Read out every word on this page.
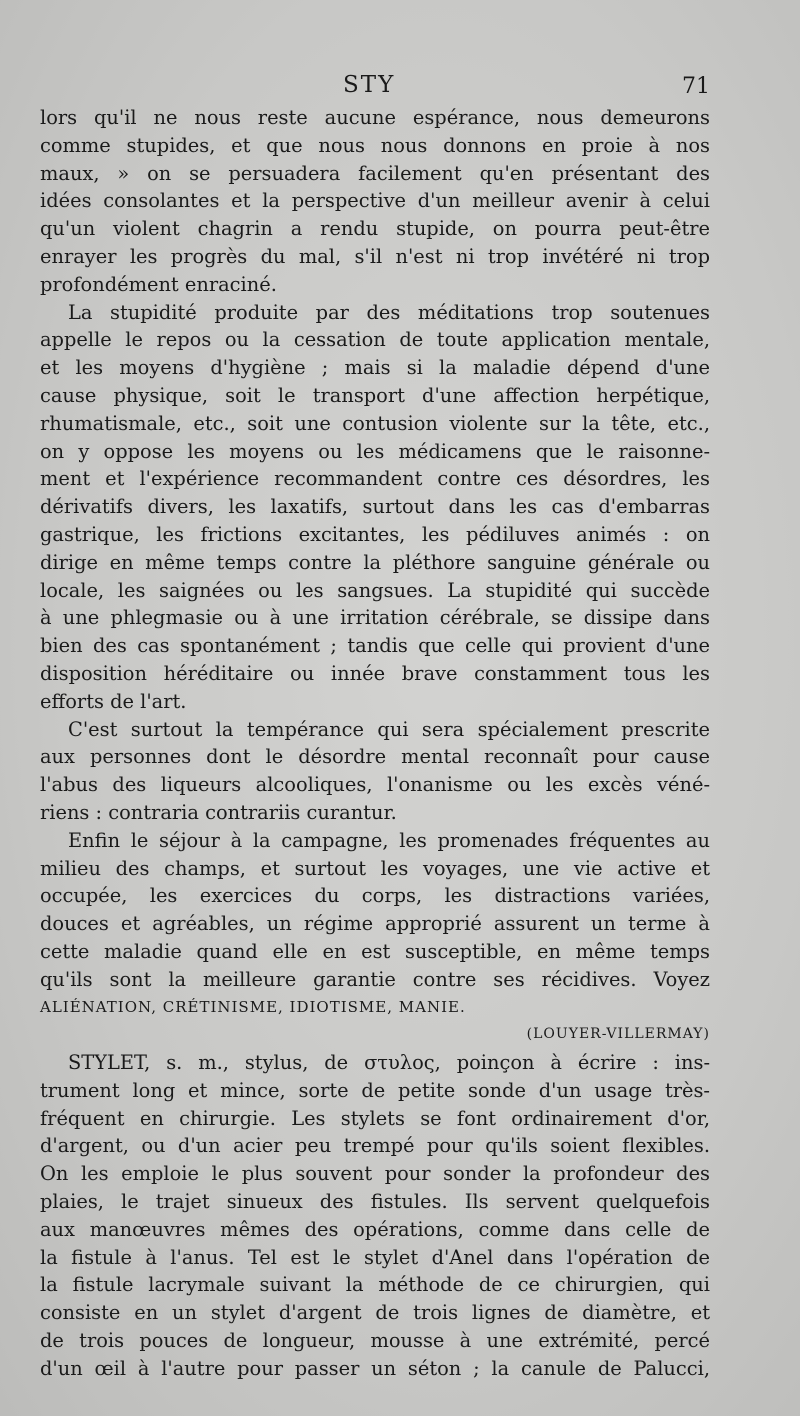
STY	71
lors qu'il ne nous reste aucune espérance, nous demeurons
comme stupides, et que nous nous donnons en proie à nos
maux, » on se persuadera facilement qu'en présentant des
idées consolantes et la perspective d'un meilleur avenir à celui
qu'un violent chagrin a rendu stupide, on pourra peut-être
enrayer les progrès du mal, s'il n'est ni trop invétéré ni trop
profondément enraciné.
La stupidité produite par des méditations trop soutenues
appelle le repos ou la cessation de toute application mentale,
et les moyens d'hygiène ; mais si la maladie dépend d'une
cause physique, soit le transport d'une affection herpétique,
rhumatismale, etc., soit une contusion violente sur la tête, etc.,
on y oppose les moyens ou les médicamens que le raisonne-
ment et l'expérience recommandent contre ces désordres, les
dérivatifs divers, les laxatifs, surtout dans les cas d'embarras
gastrique, les frictions excitantes, les pédiluves animés : on
dirige en même temps contre la pléthore sanguine générale ou
locale, les saignées ou les sangsues. La stupidité qui succède
à une phlegmasie ou à une irritation cérébrale, se dissipe dans
bien des cas spontanément ; tandis que celle qui provient d'une
disposition héréditaire ou innée brave constamment tous les
efforts de l'art.
C'est surtout la tempérance qui sera spécialement prescrite
aux personnes dont le désordre mental reconnaît pour cause
l'abus des liqueurs alcooliques, l'onanisme ou les excès véné-
riens : contraria contrariis curantur.
Enfin le séjour à la campagne, les promenades fréquentes au
milieu des champs, et surtout les voyages, une vie active et
occupée, les exercices du corps, les distractions variées,
douces et agréables, un régime approprié assurent un terme à
cette maladie quand elle en est susceptible, en même temps
qu'ils sont la meilleure garantie contre ses récidives. Voyez
ALIÉNATION, CRÉTINISME, IDIOTISME, MANIE.
(LOUYER-VILLERMAY)
STYLET, s. m., stylus, de στυλος, poinçon à écrire : ins-
trument long et mince, sorte de petite sonde d'un usage très-
fréquent en chirurgie. Les stylets se font ordinairement d'or,
d'argent, ou d'un acier peu trempé pour qu'ils soient flexibles.
On les emploie le plus souvent pour sonder la profondeur des
plaies, le trajet sinueux des fistules. Ils servent quelquefois
aux manœuvres mêmes des opérations, comme dans celle de
la fistule à l'anus. Tel est le stylet d'Anel dans l'opération de
la fistule lacrymale suivant la méthode de ce chirurgien, qui
consiste en un stylet d'argent de trois lignes de diamètre, et
de trois pouces de longueur, mousse à une extrémité, percé
d'un œil à l'autre pour passer un séton ; la canule de Palucci,
